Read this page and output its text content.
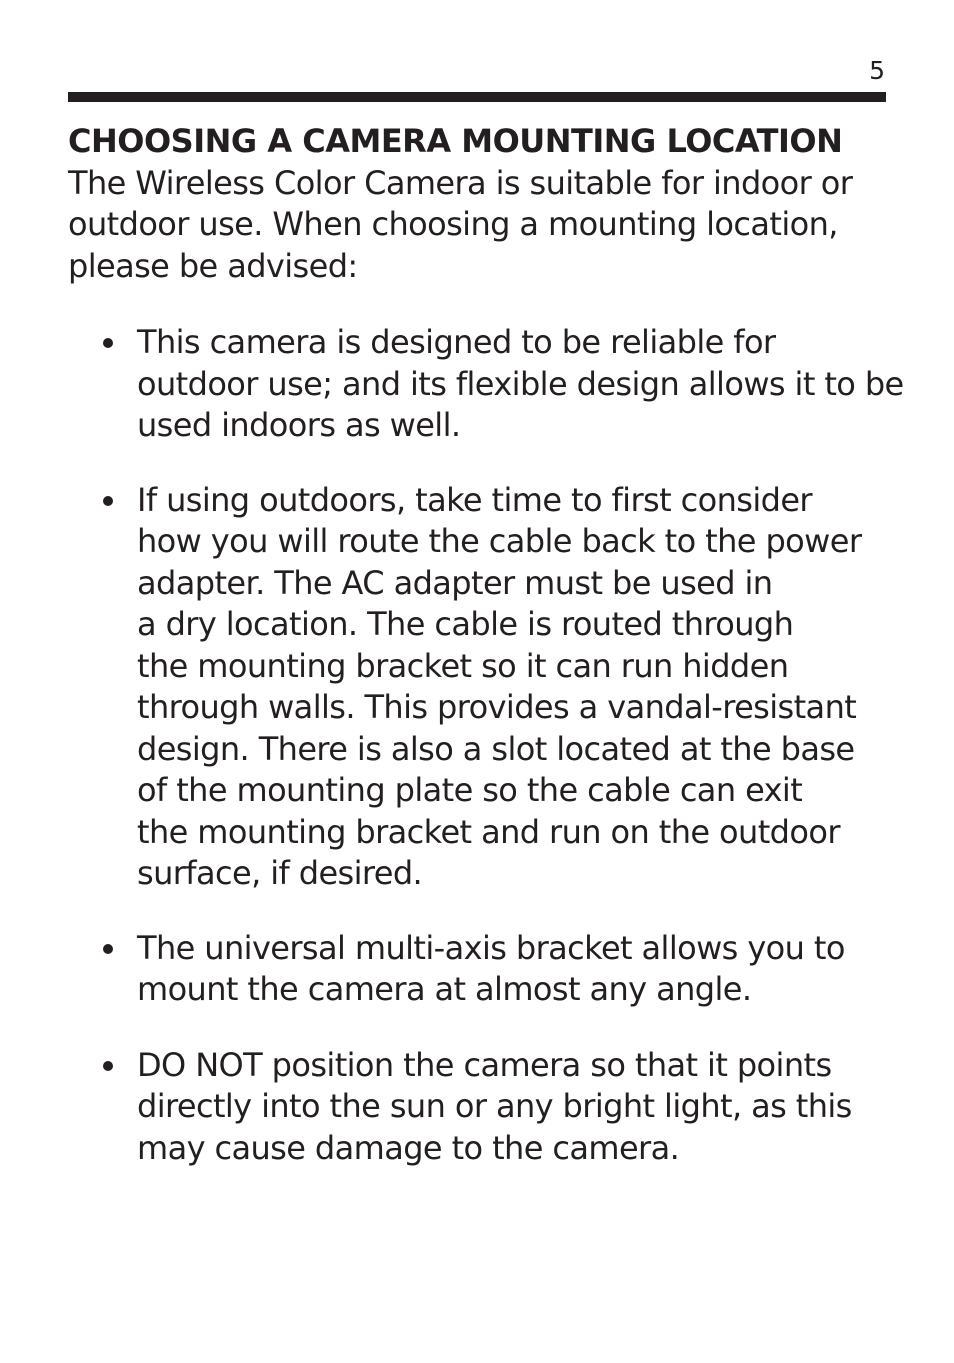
5
CHOOSING A CAMERA MOUNTING LOCATION

The Wireless Color Camera is suitable for indoor or
outdoor use. When choosing a mounting location,
please be advised:

This camera is designed to be reliable for
outdoor use; and its flexible design allows it to be
used indoors as well.
If using outdoors, take time to first consider
how you will route the cable back to the power
adapter. The AC adapter must be used in
a dry location. The cable is routed through
the mounting bracket so it can run hidden
through walls. This provides a vandal-resistant
design. There is also a slot located at the base
of the mounting plate so the cable can exit
the mounting bracket and run on the outdoor
surface, if desired.
The universal multi-axis bracket allows you to
mount the camera at almost any angle.
DO NOT position the camera so that it points
directly into the sun or any bright light, as this
may cause damage to the camera.
